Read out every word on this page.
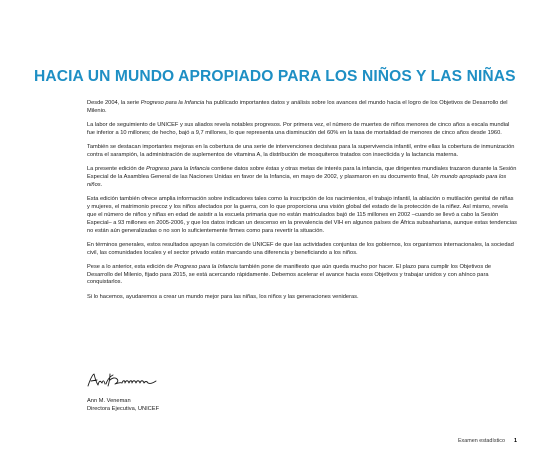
HACIA UN MUNDO APROPIADO PARA LOS NIÑOS Y LAS NIÑAS

Desde 2004, la serie Progreso para la Infancia ha publicado importantes datos y análisis sobre los avances del mundo hacia el logro de los Objetivos de Desarrollo del Milenio.

La labor de seguimiento de UNICEF y sus aliados revela notables progresos. Por primera vez, el número de muertes de niños menores de cinco años a escala mundial fue inferior a 10 millones; de hecho, bajó a 9,7 millones, lo que representa una disminución del 60% en la tasa de mortalidad de menores de cinco años desde 1960.

También se destacan importantes mejoras en la cobertura de una serie de intervenciones decisivas para la supervivencia infantil, entre ellas la cobertura de inmunización contra el sarampión, la administración de suplementos de vitamina A, la distribución de mosquiteros tratados con insecticida y la lactancia materna.

La presente edición de Progreso para la Infancia contiene datos sobre éstas y otras metas de interés para la infancia, que dirigentes mundiales trazaron durante la Sesión Especial de la Asamblea General de las Naciones Unidas en favor de la Infancia, en mayo de 2002, y plasmaron en su documento final, Un mundo apropiado para los niños.

Esta edición también ofrece amplia información sobre indicadores tales como la inscripción de los nacimientos, el trabajo infantil, la ablación o mutilación genital de niñas y mujeres, el matrimonio precoz y los niños afectados por la guerra, con lo que proporciona una visión global del estado de la protección de la niñez. Así mismo, revela que el número de niños y niñas en edad de asistir a la escuela primaria que no están matriculados bajó de 115 millones en 2002 –cuando se llevó a cabo la Sesión Especial– a 93 millones en 2005-2006, y que los datos indican un descenso en la prevalencia del VIH en algunos países de África subsahariana, aunque estas tendencias no están aún generalizadas o no son lo suficientemente firmes como para revertir la situación.

En términos generales, estos resultados apoyan la convicción de UNICEF de que las actividades conjuntas de los gobiernos, los organismos internacionales, la sociedad civil, las comunidades locales y el sector privado están marcando una diferencia y beneficiando a los niños.

Pese a lo anterior, esta edición de Progreso para la Infancia también pone de manifiesto que aún queda mucho por hacer. El plazo para cumplir los Objetivos de Desarrollo del Milenio, fijado para 2015, se está acercando rápidamente. Debemos acelerar el avance hacia esos Objetivos y trabajar unidos y con ahínco para conquistarlos.

Si lo hacemos, ayudaremos a crear un mundo mejor para las niñas, los niños y las generaciones venideras.

Ann M. Veneman
Directora Ejecutiva, UNICEF
Examen estadístico 1
